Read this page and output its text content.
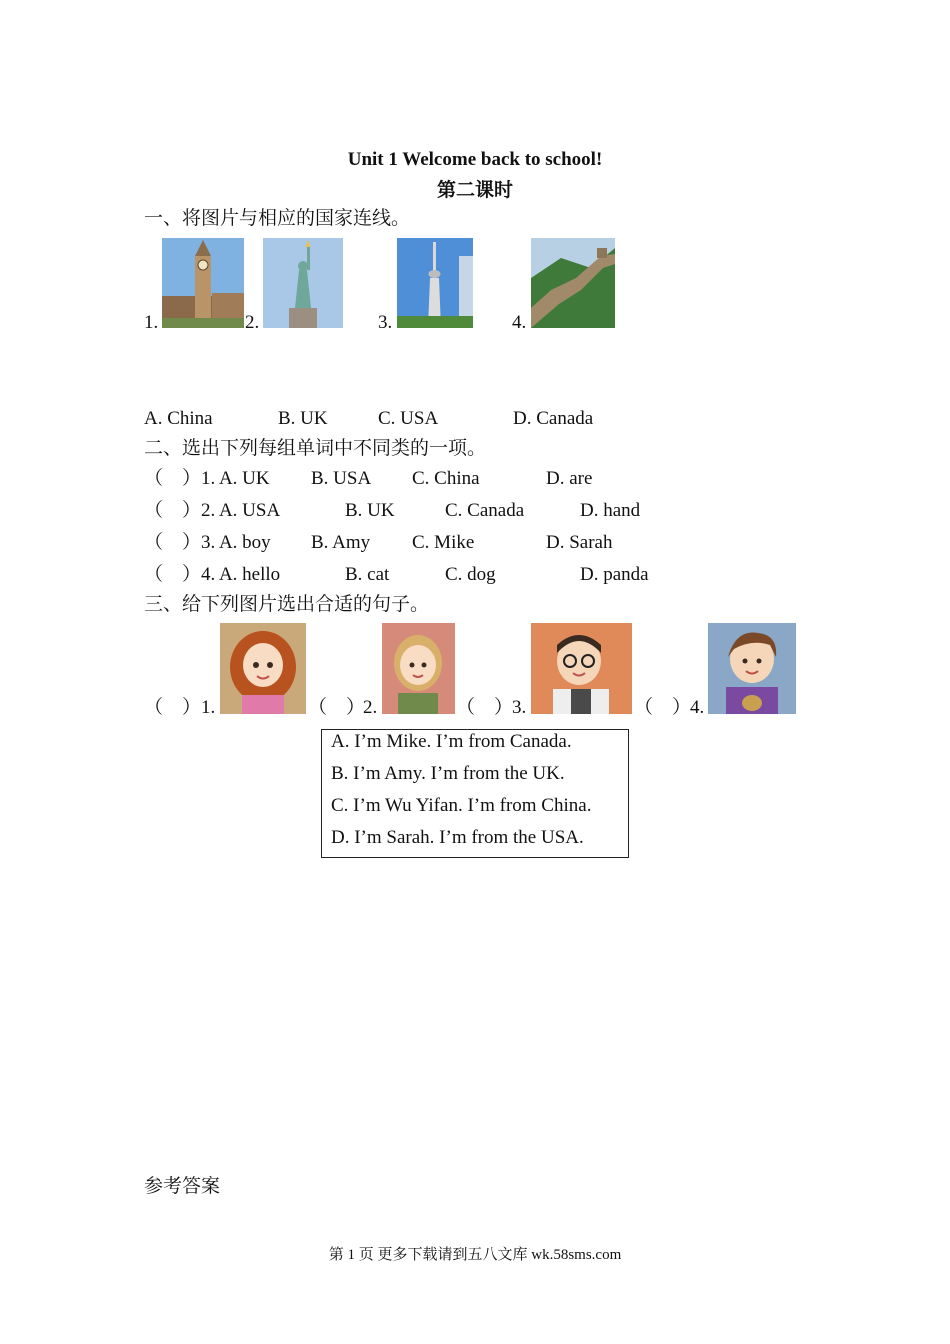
Unit 1 Welcome back to school!
第二课时
一、将图片与相应的国家连线。
1.	2.	3.	4.
A. China	B. UK	C. USA	D. Canada
二、选出下列每组单词中不同类的一项。
（　） 1. A. UK B. USA C. China	D. are
（　） 2. A. USA	B. UK	C. Canada	D. hand
（　） 3. A. boy B. Amy C. Mike	D. Sarah
（　） 4. A. hello	B. cat	C. dog	D. panda
三、给下列图片选出合适的句子。
（　） 1.	（　）
2.	（　）
3.	（　）
4.
A. I’m Mike. I’m from Canada.
B. I’m Amy. I’m from the UK.
C. I’m Wu Yifan. I’m from China.
D. I’m Sarah. I’m from the USA.
参考答案
第 1 页 更多下载请到五八文库 wk.58sms.com
